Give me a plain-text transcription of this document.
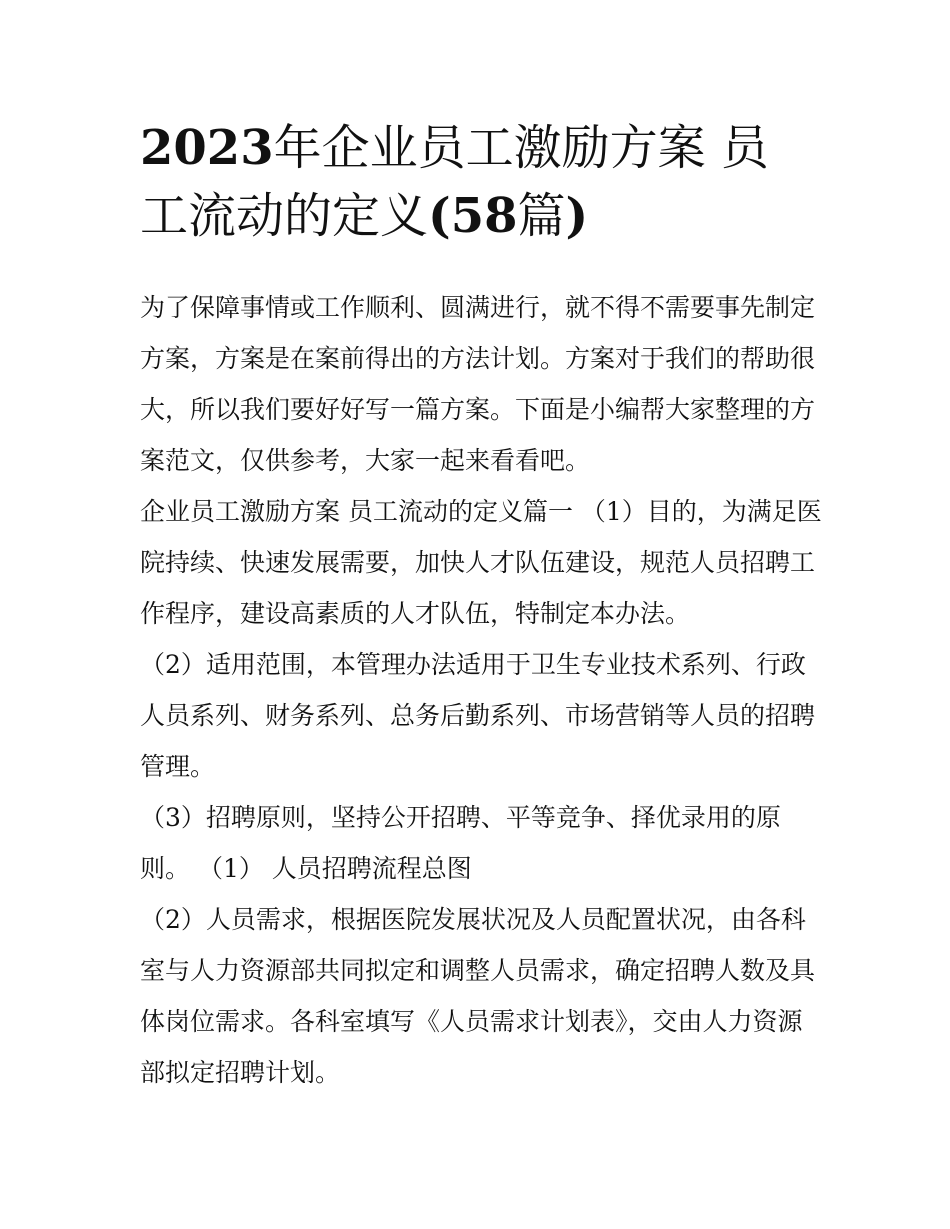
2023年企业员工激励方案 员
工流动的定义(58篇)

为了保障事情或工作顺利、圆满进行，就不得不需要事先制定
方案，方案是在案前得出的方法计划。方案对于我们的帮助很
大，所以我们要好好写一篇方案。下面是小编帮大家整理的方
案范文，仅供参考，大家一起来看看吧。

企业员工激励方案 员工流动的定义篇一 （1）目的，为满足医
院持续、快速发展需要，加快人才队伍建设，规范人员招聘工
作程序，建设高素质的人才队伍，特制定本办法。

（2）适用范围，本管理办法适用于卫生专业技术系列、行政
人员系列、财务系列、总务后勤系列、市场营销等人员的招聘
管理。

（3）招聘原则，坚持公开招聘、平等竞争、择优录用的原
则。 （1） 人员招聘流程总图

（2）人员需求，根据医院发展状况及人员配置状况，由各科
室与人力资源部共同拟定和调整人员需求，确定招聘人数及具
体岗位需求。各科室填写《人员需求计划表》，交由人力资源
部拟定招聘计划。
